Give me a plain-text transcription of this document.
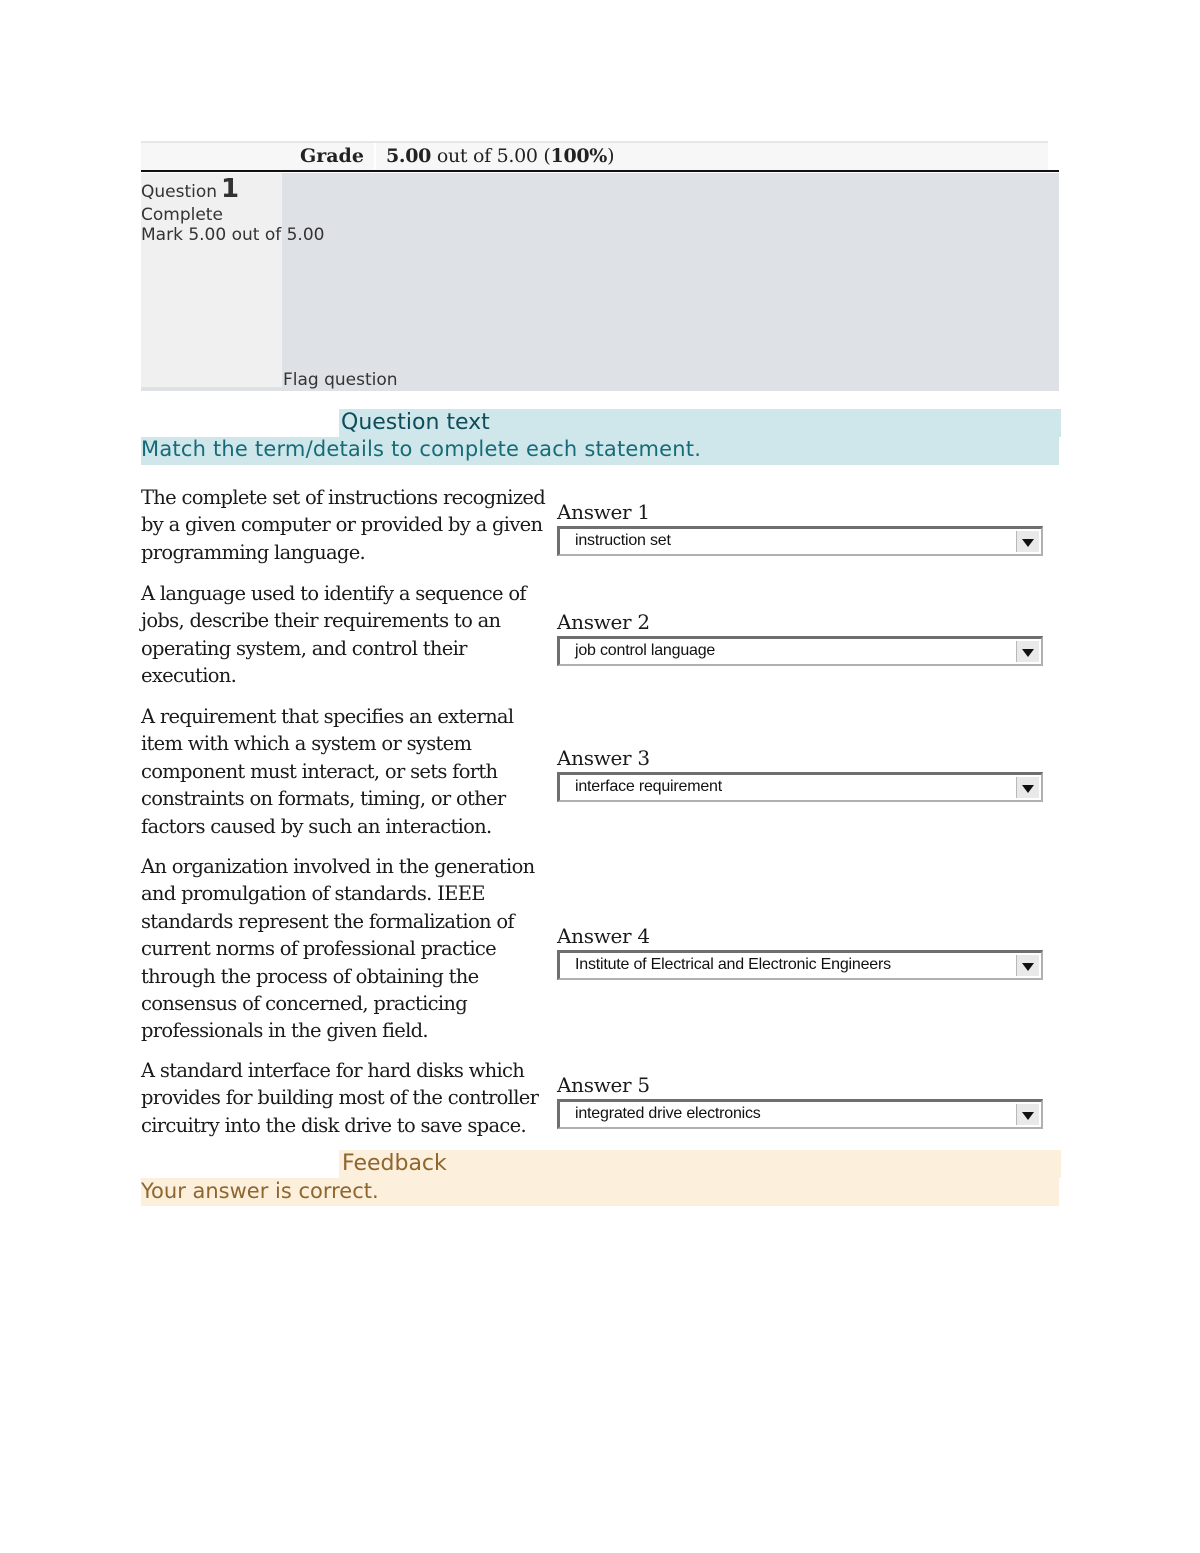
Grade 5.00 out of 5.00 (100%)
Question 1
Complete
Mark 5.00 out of 5.00
Flag question
Question text
Match the term/details to complete each statement.
The complete set of instructions recognized by a given computer or provided by a given programming language.
Answer 1
instruction set
A language used to identify a sequence of jobs, describe their requirements to an operating system, and control their execution.
Answer 2
job control language
A requirement that specifies an external item with which a system or system component must interact, or sets forth constraints on formats, timing, or other factors caused by such an interaction.
Answer 3
interface requirement
An organization involved in the generation and promulgation of standards. IEEE standards represent the formalization of current norms of professional practice through the process of obtaining the consensus of concerned, practicing professionals in the given field.
Answer 4
Institute of Electrical and Electronic Engineers
A standard interface for hard disks which provides for building most of the controller circuitry into the disk drive to save space.
Answer 5
integrated drive electronics
Feedback
Your answer is correct.
